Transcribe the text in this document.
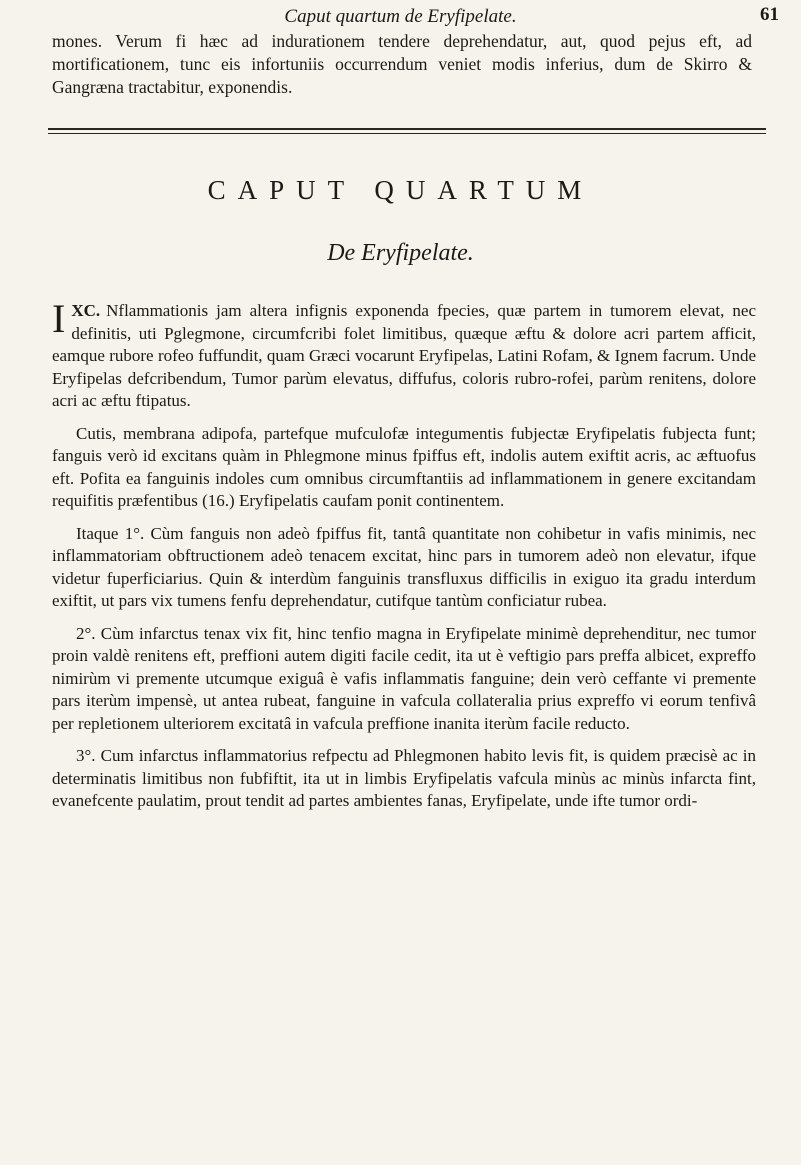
Caput quartum de Eryfipelate.	61
mones. Verum fi hæc ad indurationem tendere deprehendatur, aut, quod pejus eft, ad mortificationem, tunc eis infortuniis occurrendum veniet modis inferius, dum de Skirro & Gangræna tractabitur, exponendis.
CAPUT QUARTUM
De Eryfipelate.

XC.
I Nflammationis jam altera infignis exponenda fpecies, quæ partem in tumorem elevat, nec definitis, uti Pglegmone, circumfcribi folet limitibus, quæque æftu & dolore acri partem afficit, eamque rubore rofeo fuffundit, quam Græci vocarunt Eryfipelas, Latini Rofam, & Ignem facrum. Unde Eryfipelas defcribendum, Tumor parùm elevatus, diffufus, coloris rubro-rofei, parùm renitens, dolore acri ac æftu ftipatus.

Cutis, membrana adipofa, partefque mufculofæ integumentis fubjectæ Eryfipelatis fubjecta funt; fanguis verò id excitans quàm in Phlegmone minus fpiffus eft, indolis autem exiftit acris, ac æftuofus eft. Pofita ea fanguinis indoles cum omnibus circumftantiis ad inflammationem in genere excitandam requifitis præfentibus (16.) Eryfipelatis caufam ponit continentem.

Itaque 1°. Cùm fanguis non adeò fpiffus fit, tantâ quantitate non cohibetur in vafis minimis, nec inflammatoriam obftructionem adeò tenacem excitat, hinc pars in tumorem adeò non elevatur, ifque videtur fuperficiarius. Quin & interdùm fanguinis transfluxus difficilis in exiguo ita gradu interdum exiftit, ut pars vix tumens fenfu deprehendatur, cutifque tantùm conficiatur rubea.

2°. Cùm infarctus tenax vix fit, hinc tenfio magna in Eryfipelate minimè deprehenditur, nec tumor proin valdè renitens eft, preffioni autem digiti facile cedit, ita ut è veftigio pars preffa albicet, expreffo nimirùm vi premente utcumque exiguâ è vafis inflammatis fanguine; dein verò ceffante vi premente pars iterùm impensè, ut antea rubeat, fanguine in vafcula collateralia prius expreffo vi eorum tenfivâ per repletionem ulteriorem excitatâ in vafcula preffione inanita iterùm facile reducto.

3°. Cum infarctus inflammatorius refpectu ad Phlegmonen habito levis fit, is quidem præcisè ac in determinatis limitibus non fubfiftit, ita ut in limbis Eryfipelatis vafcula minùs ac minùs infarcta fint, evanefcente paulatim, prout tendit ad partes ambientes fanas, Eryfipelate, unde ifte tumor ordi-
